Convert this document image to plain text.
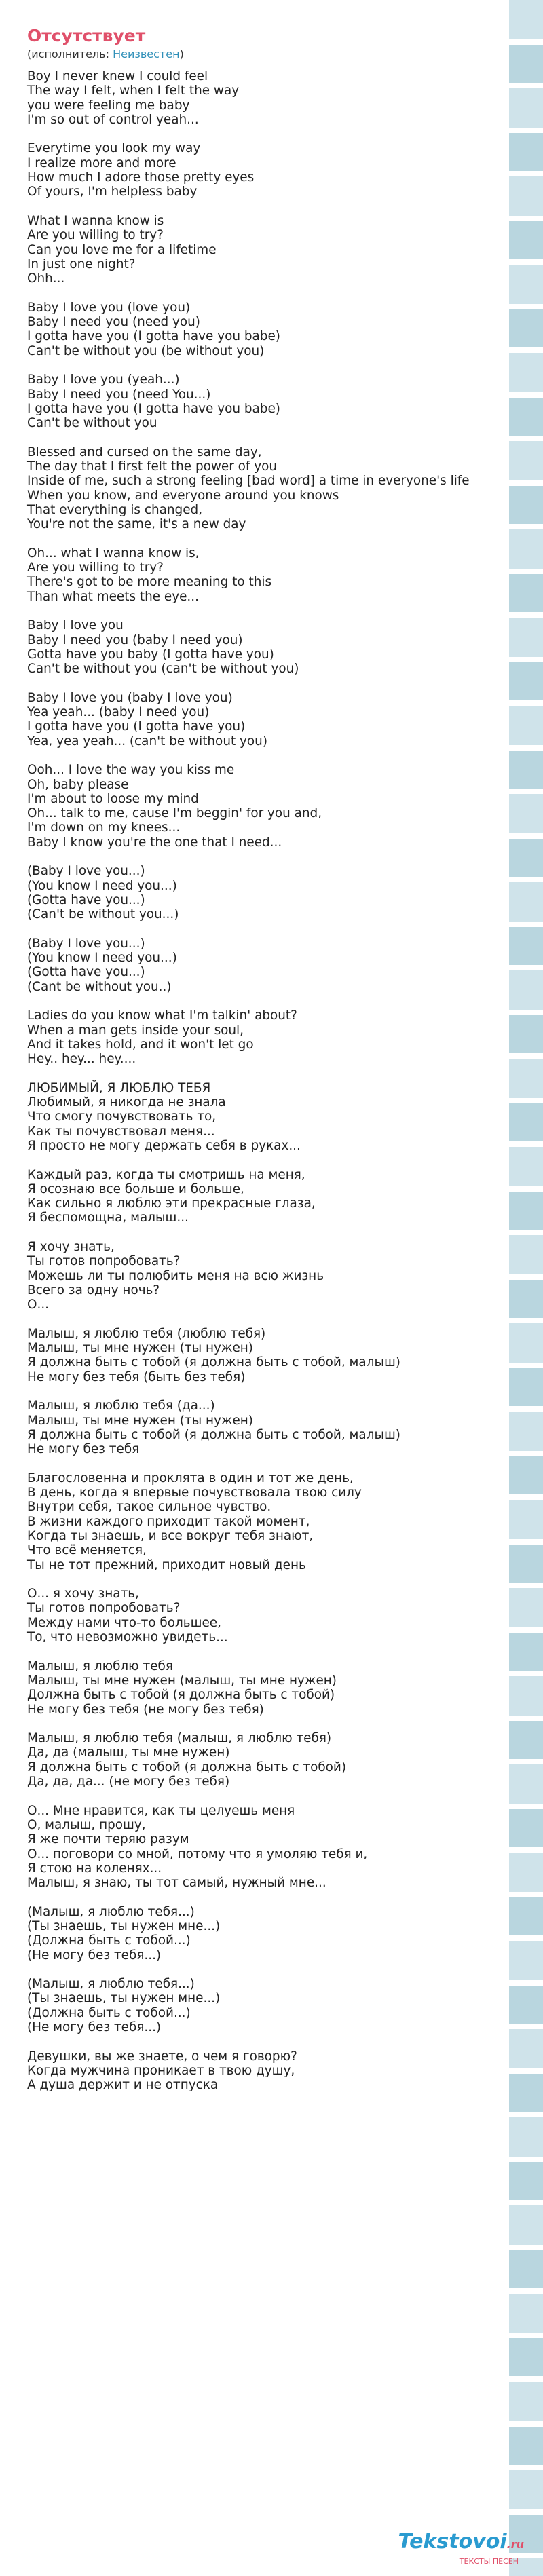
Отсутствует
(исполнитель: Неизвестен)
Boy I never knew I could feel
The way I felt, when I felt the way
you were feeling me baby
I'm so out of control yeah...
Everytime you look my way
I realize more and more
How much I adore those pretty eyes
Of yours, I'm helpless baby
What I wanna know is
Are you willing to try?
Can you love me for a lifetime
In just one night?
Ohh...
Baby I love you (love you)
Baby I need you (need you)
I gotta have you (I gotta have you babe)
Can't be without you (be without you)
Baby I love you (yeah...)
Baby I need you (need You...)
I gotta have you (I gotta have you babe)
Can't be without you
Blessed and cursed on the same day,
The day that I first felt the power of you
Inside of me, such a strong feeling [bad word] a time in everyone's life
When you know, and everyone around you knows
That everything is changed,
You're not the same, it's a new day
Oh... what I wanna know is,
Are you willing to try?
There's got to be more meaning to this
Than what meets the eye...
Baby I love you
Baby I need you (baby I need you)
Gotta have you baby (I gotta have you)
Can't be without you (can't be without you)
Baby I love you (baby I love you)
Yea yeah... (baby I need you)
I gotta have you (I gotta have you)
Yea, yea yeah... (can't be without you)
Ooh... I love the way you kiss me
Oh, baby please
I'm about to loose my mind
Oh... talk to me, cause I'm beggin' for you and,
I'm down on my knees...
Baby I know you're the one that I need...
(Baby I love you...)
(You know I need you...)
(Gotta have you...)
(Can't be without you...)
(Baby I love you...)
(You know I need you...)
(Gotta have you...)
(Cant be without you..)
Ladies do you know what I'm talkin' about?
When a man gets inside your soul,
And it takes hold, and it won't let go
Hey.. hey... hey....
ЛЮБИМЫЙ, Я ЛЮБЛЮ ТЕБЯ
Любимый, я никогда не знала
Что смогу почувствовать то,
Как ты почувствовал меня...
Я просто не могу держать себя в руках...
Каждый раз, когда ты смотришь на меня,
Я осознаю все больше и больше,
Как сильно я люблю эти прекрасные глаза,
Я беспомощна, малыш...
Я хочу знать,
Ты готов попробовать?
Можешь ли ты полюбить меня на всю жизнь
Всего за одну ночь?
О...
Малыш, я люблю тебя (люблю тебя)
Малыш, ты мне нужен (ты нужен)
Я должна быть с тобой (я должна быть с тобой, малыш)
Не могу без тебя (быть без тебя)
Малыш, я люблю тебя (да...)
Малыш, ты мне нужен (ты нужен)
Я должна быть с тобой (я должна быть с тобой, малыш)
Не могу без тебя
Благословенна и проклята в один и тот же день,
В день, когда я впервые почувствовала твою силу
Внутри себя, такое сильное чувство.
В жизни каждого приходит такой момент,
Когда ты знаешь, и все вокруг тебя знают,
Что всё меняется,
Ты не тот прежний, приходит новый день
О... я хочу знать,
Ты готов попробовать?
Между нами что-то большее,
То, что невозможно увидеть...
Малыш, я люблю тебя
Малыш, ты мне нужен (малыш, ты мне нужен)
Должна быть с тобой (я должна быть с тобой)
Не могу без тебя (не могу без тебя)
Малыш, я люблю тебя (малыш, я люблю тебя)
Да, да (малыш, ты мне нужен)
Я должна быть с тобой (я должна быть с тобой)
Да, да, да... (не могу без тебя)
О... Мне нравится, как ты целуешь меня
О, малыш, прошу,
Я же почти теряю разум
О... поговори со мной, потому что я умоляю тебя и,
Я стою на коленях...
Малыш, я знаю, ты тот самый, нужный мне...
(Малыш, я люблю тебя...)
(Ты знаешь, ты нужен мне...)
(Должна быть с тобой...)
(Не могу без тебя...)
(Малыш, я люблю тебя...)
(Ты знаешь, ты нужен мне...)
(Должна быть с тобой...)
(Не могу без тебя...)
Девушки, вы же знаете, о чем я говорю?
Когда мужчина проникает в твою душу,
А душа держит и не отпуска
Tekstovoi.ru
ТЕКСТЫ ПЕСЕН
